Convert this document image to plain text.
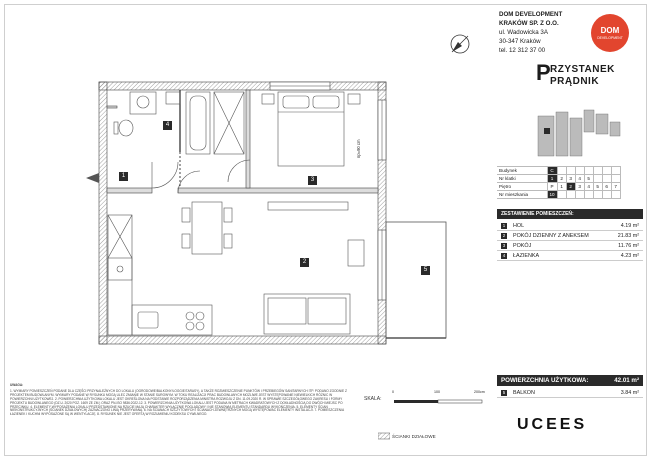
1
2
3
4
5
np=90 cm
DOM DEVELOPMENT
KRAKÓW SP. Z O.O.
ul. Wadowicka 3A
30-347 Kraków
tel. 12 312 37 00
DOM
DEVELOPMENT
P
RZYSTANEK
PRĄDNIK
Budynek	C							
Nr klatki	1	2	3	4	5			
Piętro	P	1	2	3	4	5	6	7
Nr mieszkania	10							
ZESTAWIENIE POMIESZCZEŃ:
1	HOL	4.19 m²
2	POKÓJ DZIENNY Z ANEKSEM	21.83 m²
3	POKÓJ	11.76 m²
4	ŁAZIENKA	4.23 m²
POWIERZCHNIA UŻYTKOWA:	42.01 m²
5	BALKON	3.84 m²
UWAGA:
1. WYMIARY POMIESZCZEŃ PODANE DLA CZĘŚCI PRZYNALEŻNYCH DO LOKALU (OGRODOWE/BALKONY/LOGGIE/TARASY), A TAKŻE ROZMIESZCZENIE PUNKTÓW I PRZEBIEGÓW SANITARNYCH ITP. PODANO ZGODNIE Z PROJEKTEM BUDOWLANYM. WYMIARY PODANE W RYSUNKU MOGĄ ULEC ZMIANIE W STANIE SUROWYM. W TOKU REALIZACJI PRAC BUDOWLANYCH MOŻLIWE JEST WYSTĘPOWANIE NIEWIELKICH RÓŻNIC W POWIERZCHNI UŻYTKOWEJ. 2. POWIERZCHNIA UŻYTKOWA LOKALU JEST OKREŚLONA NA PODSTAWIE ROZPORZĄDZENIA MINISTRA ROZWOJU Z DN. 11.09.2020 R. W SPRAWIE SZCZEGÓŁOWEGO ZAKRESU I FORMY PROJEKTU BUDOWLANEGO (DZ.U. 2020 POZ. 1609 ZE ZM.) ORAZ PN-ISO 9836:2022-12. 3. POWIERZCHNIA UŻYTKOWA LOKALU JEST PODANA W METRACH KWADRATOWYCH Z DOKŁADNOŚCIĄ DO DWÓCH MIEJSC PO PRZECINKU. 4. ELEMENTY WYPOSAŻENIA LOKALU PRZEDSTAWIONE NA RZUCIE MAJĄ CHARAKTER WYŁĄCZNIE POGLĄDOWY I NIE STANOWIĄ ELEMENTU STANDARDU WYKOŃCZENIA. 5. ELEMENTY ŚCIAN NIEKONSTRUKCYJNYCH (ŚCIANEK DZIAŁOWYCH) ZAZNACZONO LINIĄ PRZERYWANĄ. 6. NA ŚCIANACH SZCZYTOWYCH I ŚCIANACH ZEWNĘTRZNYCH MOGĄ WYSTĘPOWAĆ ELEMENTY INSTALACJI. 7. POMIESZCZENIA ŁAZIENEK I KUCHNI WYPOSAŻONE SĄ W WENTYLACJĘ. 8. RYSUNEK NIE JEST OFERTĄ W ROZUMIENIU KODEKSU CYWILNEGO.
SKALA:
0	100	200cm
ŚCIANKI DZIAŁOWE
UCEES
